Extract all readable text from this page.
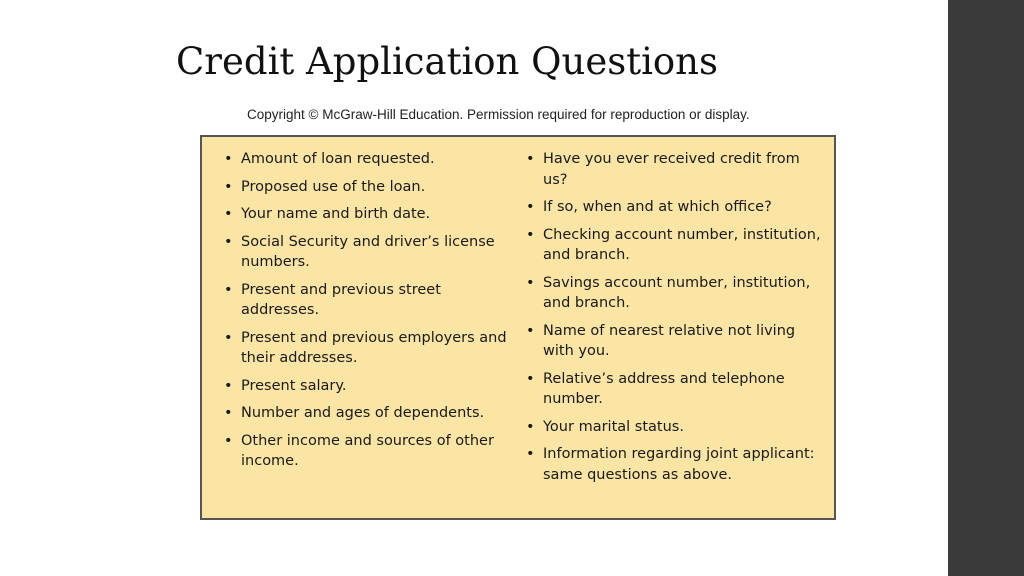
Credit Application Questions
Copyright © McGraw-Hill Education. Permission required for reproduction or display.
• Amount of loan requested.
• Proposed use of the loan.
• Your name and birth date.
• Social Security and driver’s license numbers.
• Present and previous street addresses.
• Present and previous employers and their addresses.
• Present salary.
• Number and ages of dependents.
• Other income and sources of other income.
• Have you ever received credit from us?
• If so, when and at which office?
• Checking account number, institution, and branch.
• Savings account number, institution, and branch.
• Name of nearest relative not living with you.
• Relative’s address and telephone number.
• Your marital status.
• Information regarding joint applicant: same questions as above.
